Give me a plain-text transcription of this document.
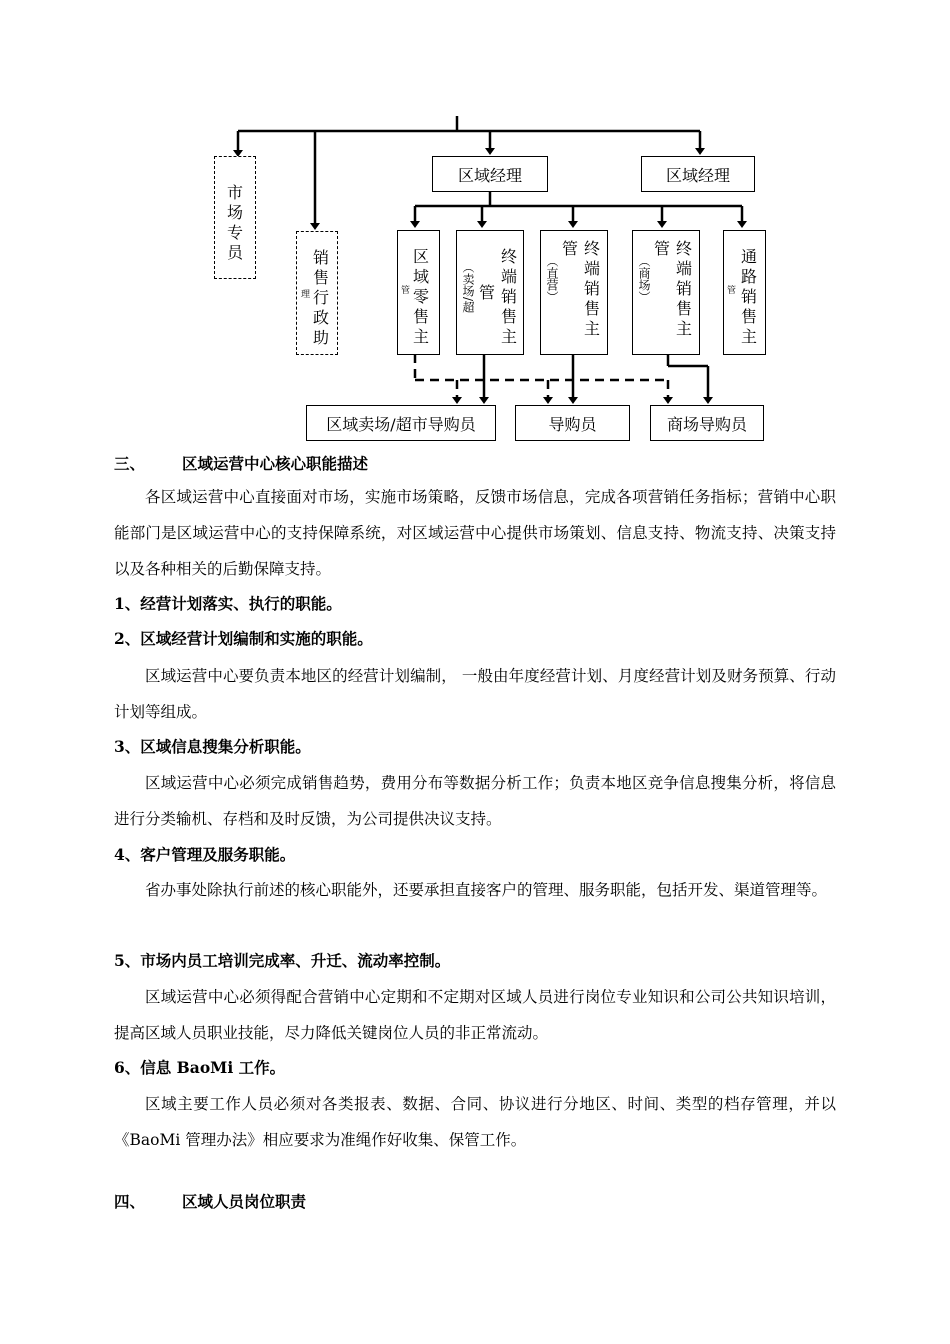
区域经理	区域经理
市场专员	销售行政助
理
区域零售主
管
终端销售主
管
（卖场/超
管 终端销售主
（直营）
管 终端销售主
（商场）	通路销售主
管
区域卖场/超市导购员	导购员	商场导购员
三、 区域运营中心核心职能描述
各区域运营中心直接面对市场，实施市场策略，反馈市场信息，完成各项营销任务指标；营销中心职能部门是区域运营中心的支持保障系统，对区域运营中心提供市场策划、信息支持、物流支持、决策支持以及各种相关的后勤保障支持。
1、经营计划落实、执行的职能。
2、区域经营计划编制和实施的职能。
区域运营中心要负责本地区的经营计划编制， 一般由年度经营计划、月度经营计划及财务预算、行动计划等组成。
3、区域信息搜集分析职能。
区域运营中心必须完成销售趋势，费用分布等数据分析工作；负责本地区竞争信息搜集分析，将信息进行分类输机、存档和及时反馈，为公司提供决议支持。
4、客户管理及服务职能。
省办事处除执行前述的核心职能外，还要承担直接客户的管理、服务职能，包括开发、渠道管理等。
5、市场内员工培训完成率、升迁、流动率控制。
区域运营中心必须得配合营销中心定期和不定期对区域人员进行岗位专业知识和公司公共知识培训，提高区域人员职业技能，尽力降低关键岗位人员的非正常流动。
6、信息 BaoMi 工作。
区域主要工作人员必须对各类报表、数据、合同、协议进行分地区、时间、类型的档存管理，并以《BaoMi 管理办法》相应要求为准绳作好收集、保管工作。
四、 区域人员岗位职责
